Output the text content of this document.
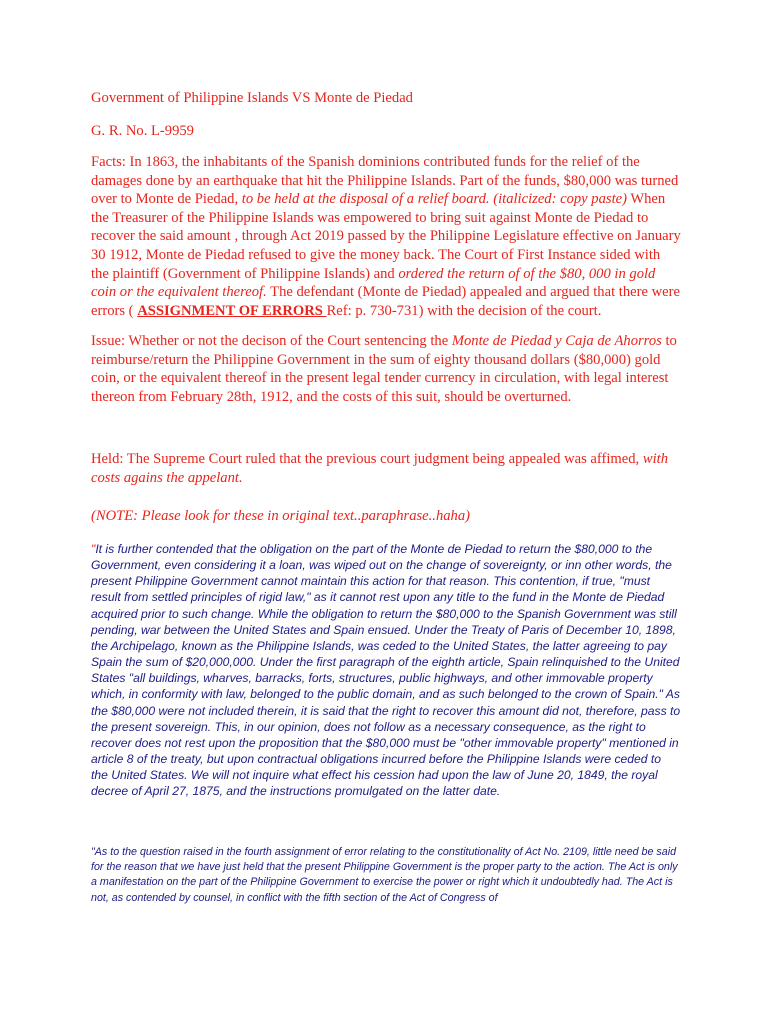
Government of Philippine Islands VS Monte de Piedad

G. R. No. L-9959

Facts: In 1863, the inhabitants of the Spanish dominions contributed funds for the relief of the damages done by an earthquake that hit the Philippine Islands. Part of the funds, $80,000 was turned over to Monte de Piedad, to be held at the disposal of a relief board. (italicized: copy paste) When the Treasurer of the Philippine Islands was empowered to bring suit against Monte de Piedad to recover the said amount , through Act 2019 passed by the Philippine Legislature effective on January 30 1912, Monte de Piedad refused to give the money back. The Court of First Instance sided with the plaintiff (Government of Philippine Islands) and ordered the return of of the $80, 000 in gold coin or the equivalent thereof. The defendant (Monte de Piedad) appealed and argued that there were errors ( ASSIGNMENT OF ERRORS Ref: p. 730-731) with the decision of the court.

Issue: Whether or not the decison of the Court sentencing the Monte de Piedad y Caja de Ahorros to reimburse/return the Philippine Government in the sum of eighty thousand dollars ($80,000) gold coin, or the equivalent thereof in the present legal tender currency in circulation, with legal interest thereon from February 28th, 1912, and the costs of this suit, should be overturned.

Held: The Supreme Court ruled that the previous court judgment being appealed was affimed, with costs agains the appelant.

(NOTE: Please look for these in original text..paraphrase..haha)

"It is further contended that the obligation on the part of the Monte de Piedad to return the $80,000 to the Government, even considering it a loan, was wiped out on the change of sovereignty, or inn other words, the present Philippine Government cannot maintain this action for that reason. This contention, if true, "must result from settled principles of rigid law," as it cannot rest upon any title to the fund in the Monte de Piedad acquired prior to such change. While the obligation to return the $80,000 to the Spanish Government was still pending, war between the United States and Spain ensued. Under the Treaty of Paris of December 10, 1898, the Archipelago, known as the Philippine Islands, was ceded to the United States, the latter agreeing to pay Spain the sum of $20,000,000. Under the first paragraph of the eighth article, Spain relinquished to the United States "all buildings, wharves, barracks, forts, structures, public highways, and other immovable property which, in conformity with law, belonged to the public domain, and as such belonged to the crown of Spain." As the $80,000 were not included therein, it is said that the right to recover this amount did not, therefore, pass to the present sovereign. This, in our opinion, does not follow as a necessary consequence, as the right to recover does not rest upon the proposition that the $80,000 must be "other immovable property" mentioned in article 8 of the treaty, but upon contractual obligations incurred before the Philippine Islands were ceded to the United States. We will not inquire what effect his cession had upon the law of June 20, 1849, the royal decree of April 27, 1875, and the instructions promulgated on the latter date.

"As to the question raised in the fourth assignment of error relating to the constitutionality of Act No. 2109, little need be said for the reason that we have just held that the present Philippine Government is the proper party to the action. The Act is only a manifestation on the part of the Philippine Government to exercise the power or right which it undoubtedly had. The Act is not, as contended by counsel, in conflict with the fifth section of the Act of Congress of
